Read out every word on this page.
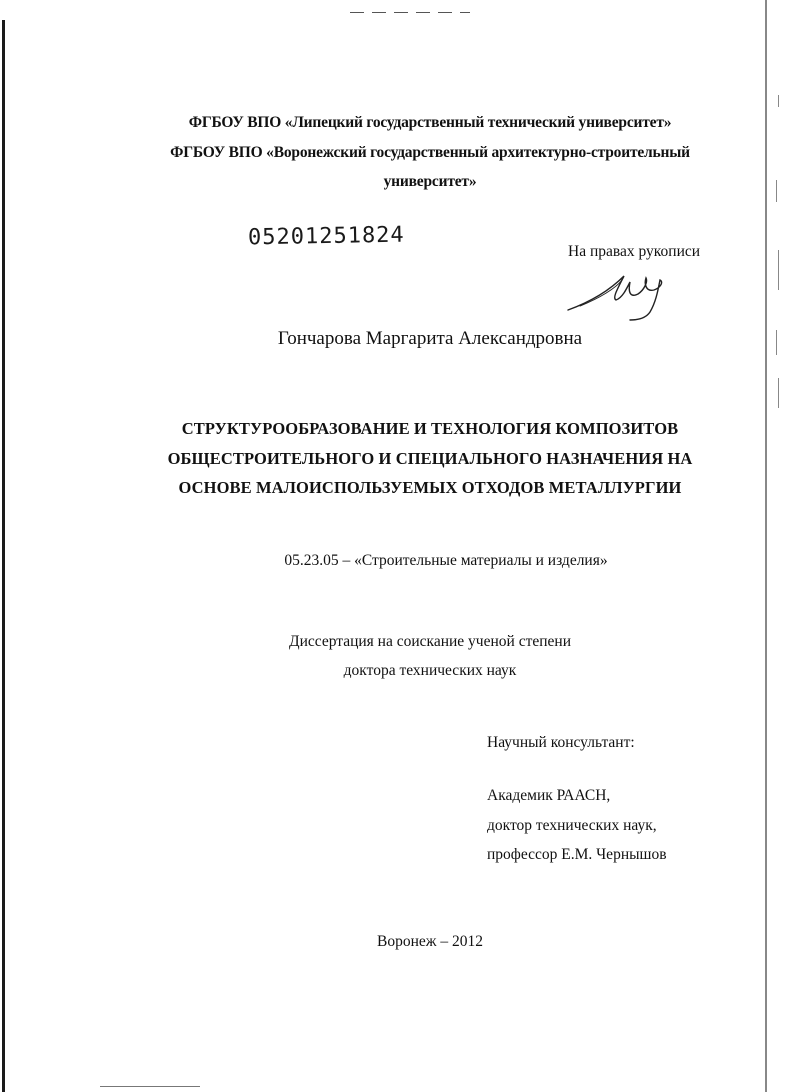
ФГБОУ ВПО «Липецкий государственный технический университет»
ФГБОУ ВПО «Воронежский государственный архитектурно-строительный
университет»
05201251824
На правах рукописи
Гончарова Маргарита Александровна
СТРУКТУРООБРАЗОВАНИЕ И ТЕХНОЛОГИЯ КОМПОЗИТОВ
ОБЩЕСТРОИТЕЛЬНОГО И СПЕЦИАЛЬНОГО НАЗНАЧЕНИЯ НА
ОСНОВЕ МАЛОИСПОЛЬЗУЕМЫХ ОТХОДОВ МЕТАЛЛУРГИИ
05.23.05 – «Строительные материалы и изделия»
Диссертация на соискание ученой степени
доктора технических наук
Научный консультант:
Академик РААСН,
доктор технических наук,
профессор Е.М. Чернышов
Воронеж – 2012
